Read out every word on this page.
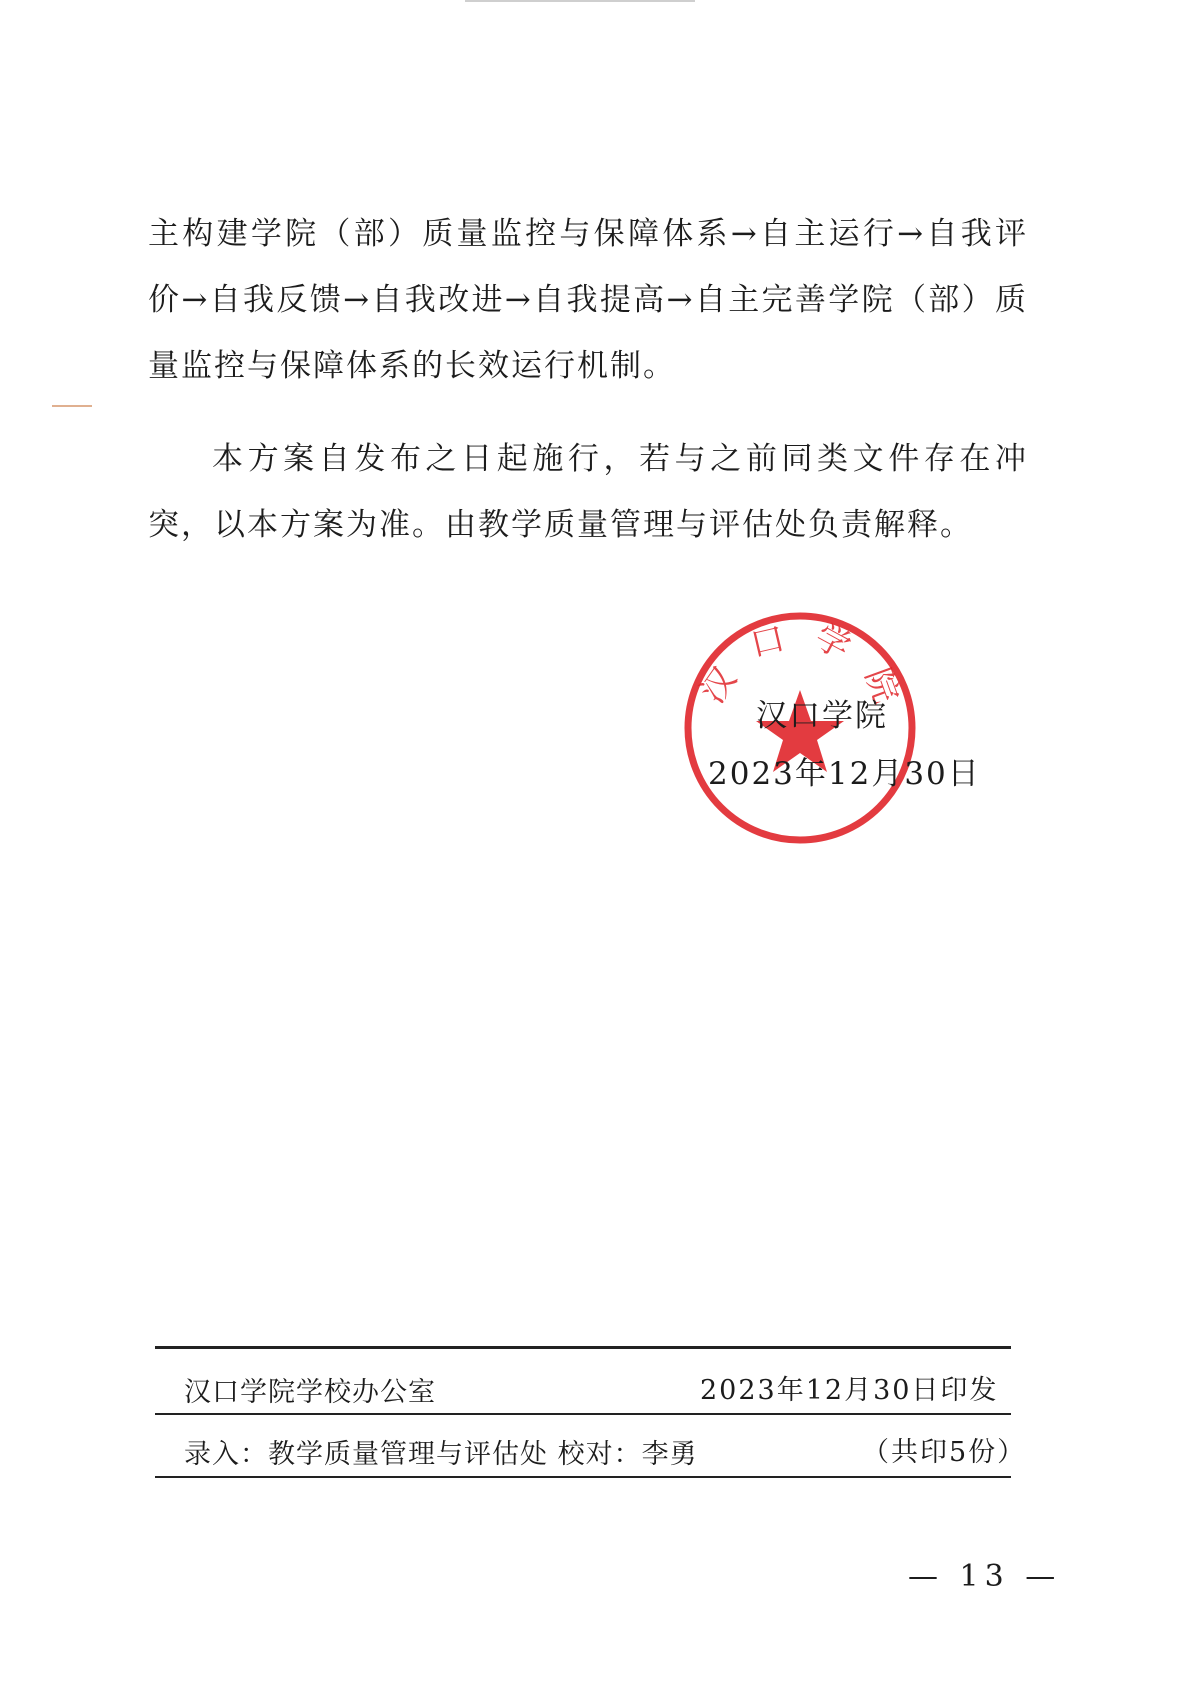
主构建学院（部）质量监控与保障体系→自主运行→自我评价→自我反馈→自我改进→自我提高→自主完善学院（部）质量监控与保障体系的长效运行机制。

本方案自发布之日起施行，若与之前同类文件存在冲突，以本方案为准。由教学质量管理与评估处负责解释。

汉口学院

汉口学院

2023年12月30日

汉口学院学校办公室	2023年12月30日印发

录入：教学质量管理与评估处 校对：李勇	（共印5份）

— 13 —
